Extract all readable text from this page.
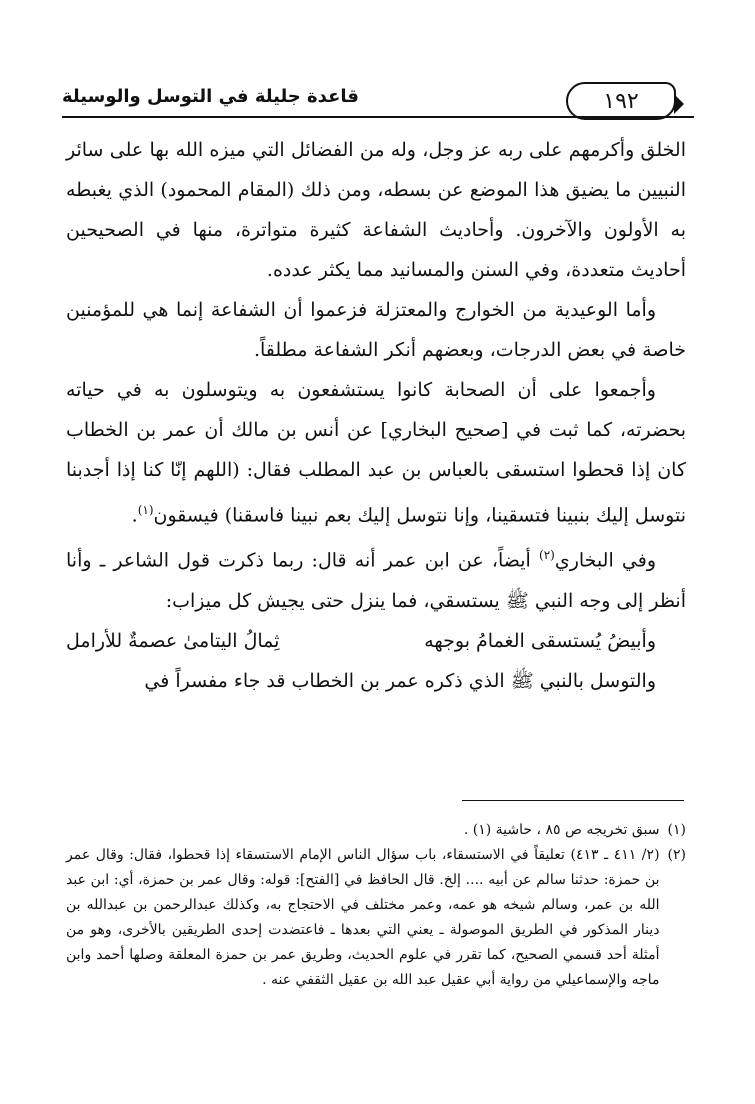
قاعدة جليلة في التوسل والوسيلة	١٩٢

الخلق وأكرمهم على ربه عز وجل، وله من الفضائل التي ميزه الله بها على سائر النبيين ما يضيق هذا الموضع عن بسطه، ومن ذلك (المقام المحمود) الذي يغبطه به الأولون والآخرون. وأحاديث الشفاعة كثيرة متواترة، منها في الصحيحين أحاديث متعددة، وفي السنن والمسانيد مما يكثر عدده.

وأما الوعيدية من الخوارج والمعتزلة فزعموا أن الشفاعة إنما هي للمؤمنين خاصة في بعض الدرجات، وبعضهم أنكر الشفاعة مطلقاً.

وأجمعوا على أن الصحابة كانوا يستشفعون به ويتوسلون به في حياته بحضرته، كما ثبت في [صحيح البخاري] عن أنس بن مالك أن عمر بن الخطاب كان إذا قحطوا استسقى بالعباس بن عبد المطلب فقال: (اللهم إنّا كنا إذا أجدبنا نتوسل إليك بنبينا فتسقينا، وإنا نتوسل إليك بعم نبينا فاسقنا) فيسقون$^{(١)}$.

وفي البخاري$^{(٢)}$ أيضاً، عن ابن عمر أنه قال: ربما ذكرت قول الشاعر ـ وأنا أنظر إلى وجه النبي ﷺ يستسقي، فما ينزل حتى يجيش كل ميزاب:

وأبيضُ يُستسقى الغمامُ بوجهه
ثِمالُ اليتامىٰ عصمةٌ للأرامل

والتوسل بالنبي ﷺ الذي ذكره عمر بن الخطاب قد جاء مفسراً في

(١)
سبق تخريجه ص ٨٥ ، حاشية (١) .

(٢)
(٢/ ٤١١ ـ ٤١٣) تعليقاً في الاستسقاء، باب سؤال الناس الإمام الاستسقاء إذا قحطوا، فقال: وقال عمر بن حمزة: حدثنا سالم عن أبيه .... إلخ. قال الحافظ في [الفتح]: قوله: وقال عمر بن حمزة، أي: ابن عبد الله بن عمر، وسالم شيخه هو عمه، وعمر مختلف في الاحتجاج به، وكذلك عبدالرحمن بن عبدالله بن دينار المذكور في الطريق الموصولة ـ يعني التي بعدها ـ فاعتضدت إحدى الطريقين بالأخرى، وهو من أمثلة أحد قسمي الصحيح، كما تقرر في علوم الحديث، وطريق عمر بن حمزة المعلقة وصلها أحمد وابن ماجه والإسماعيلي من رواية أبي عقيل عبد الله بن عقيل الثقفي عنه .
